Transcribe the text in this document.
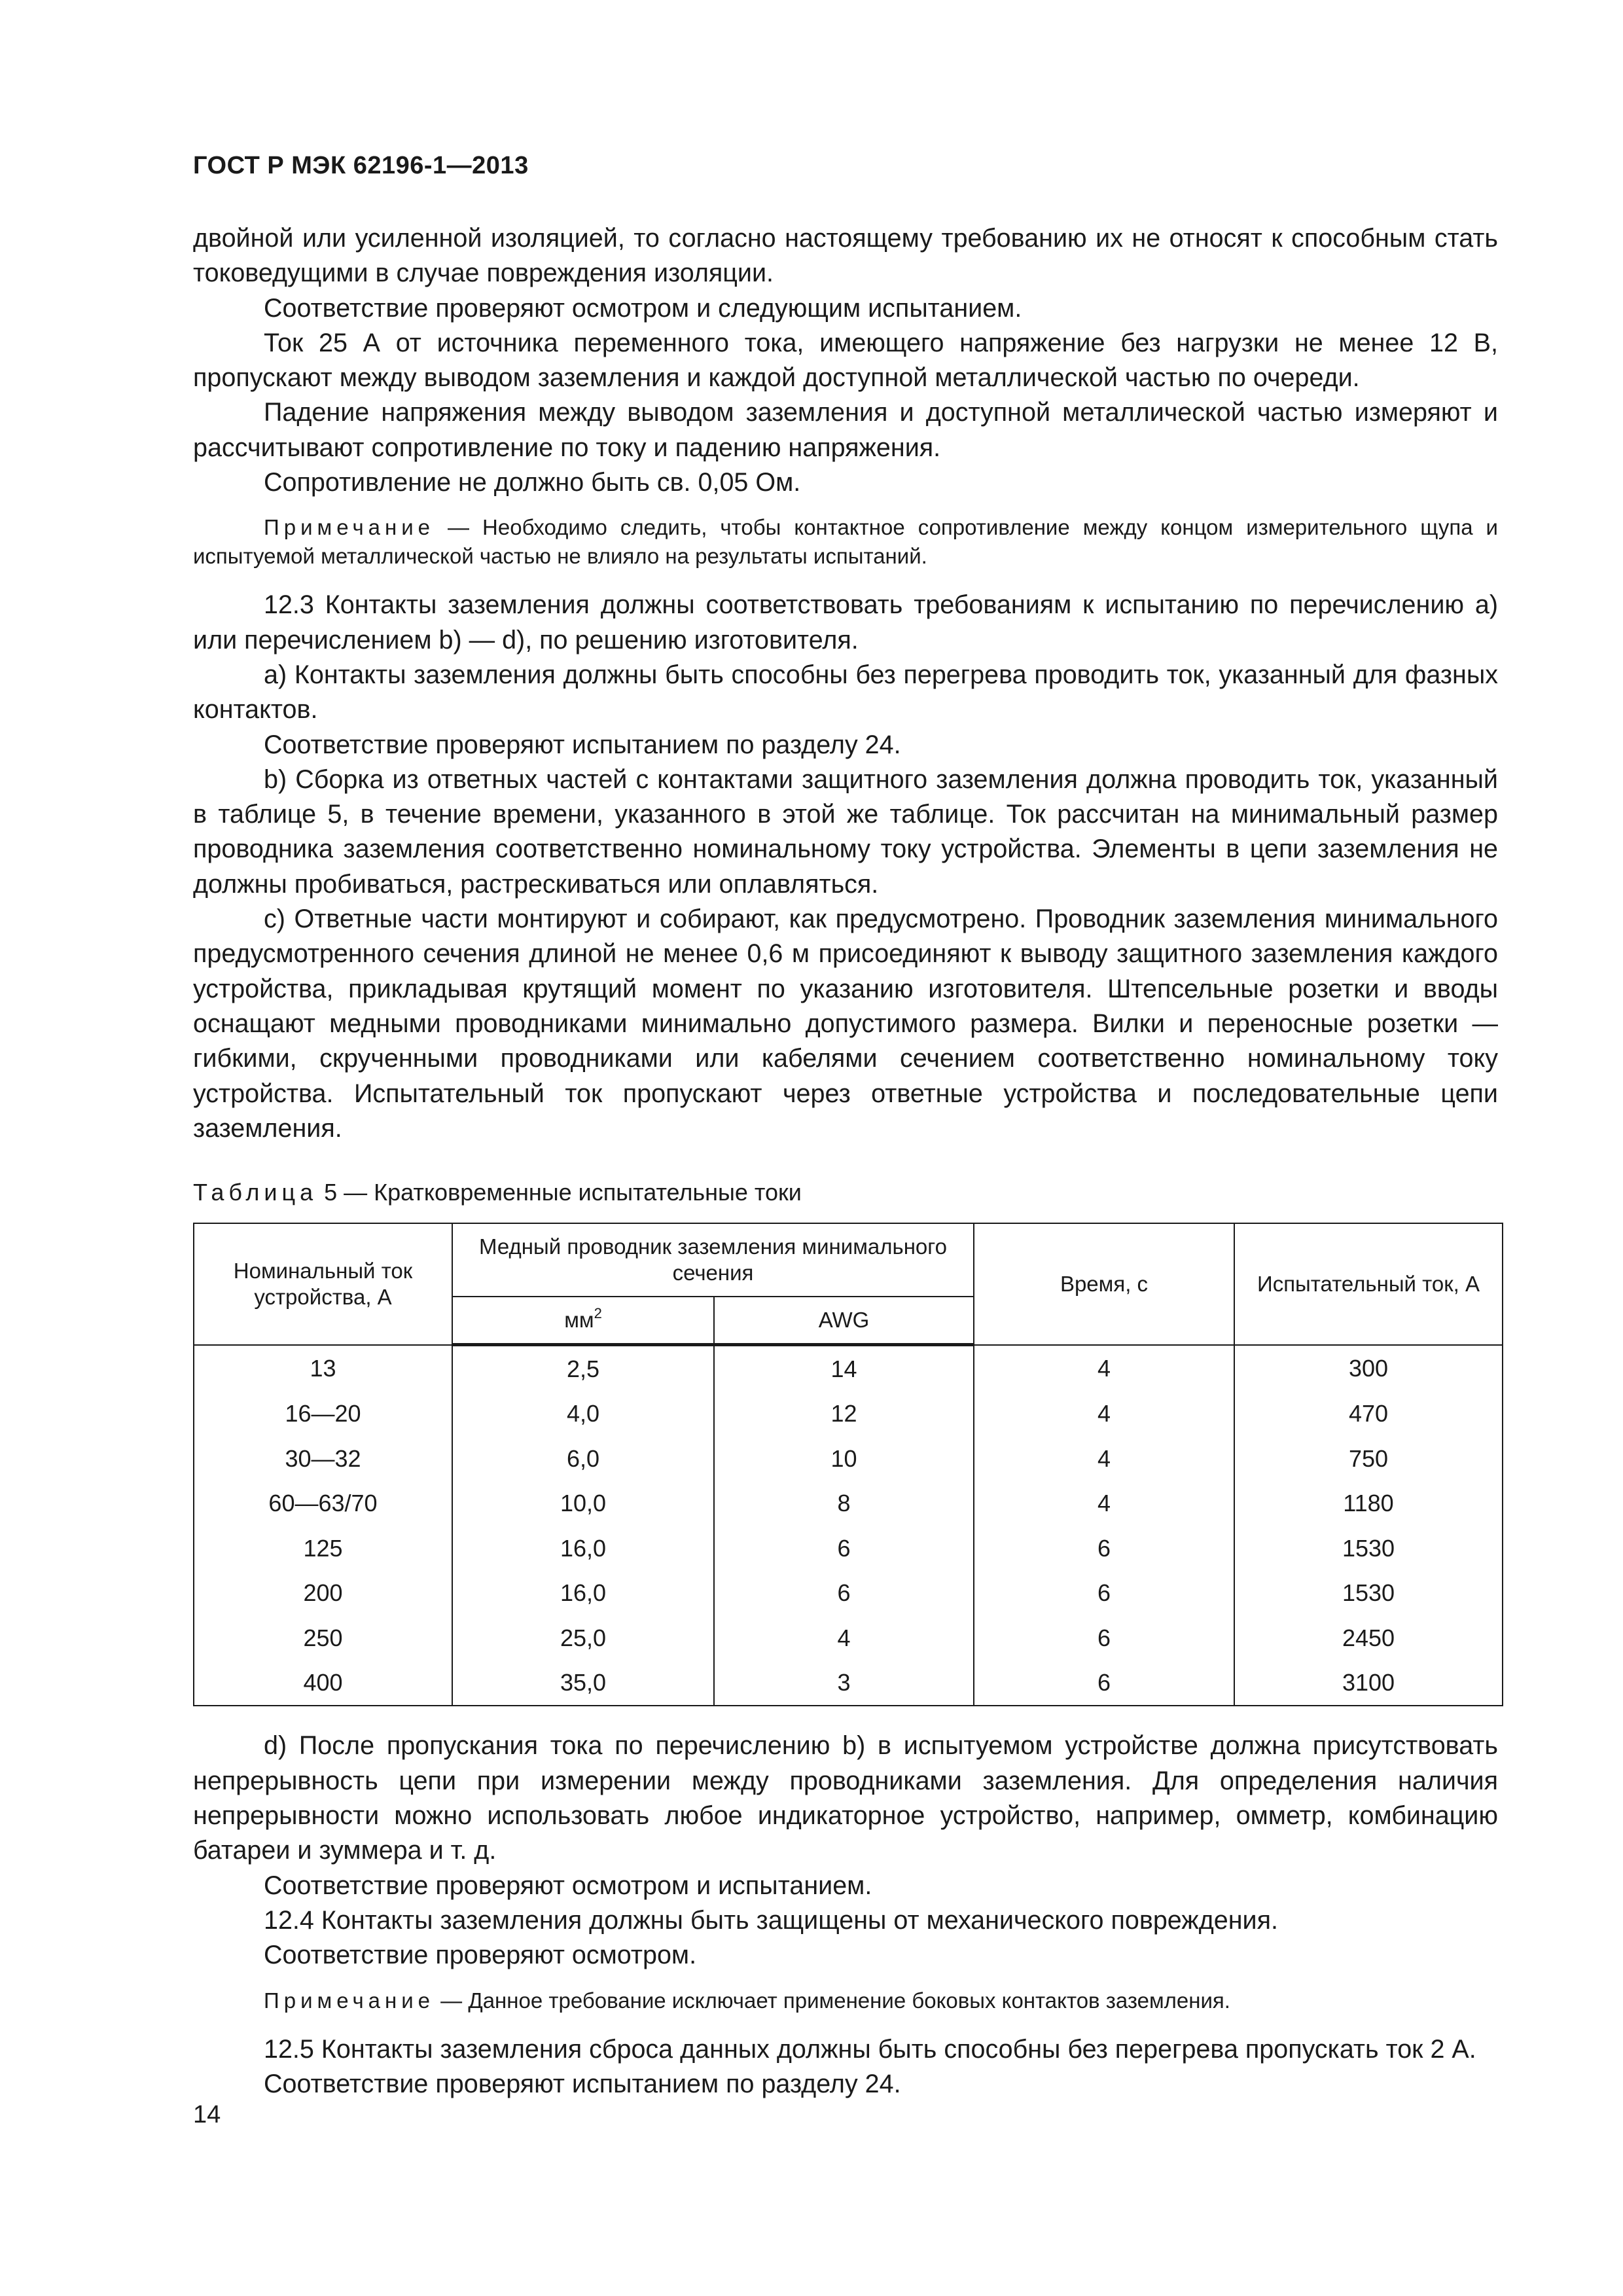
ГОСТ Р МЭК 62196-1—2013

двойной или усиленной изоляцией, то согласно настоящему требованию их не относят к способным стать токоведущими в случае повреждения изоляции.

Соответствие проверяют осмотром и следующим испытанием.

Ток 25 А от источника переменного тока, имеющего напряжение без нагрузки не менее 12 В, пропускают между выводом заземления и каждой доступной металлической частью по очереди.

Падение напряжения между выводом заземления и доступной металлической частью измеряют и рассчитывают сопротивление по току и падению напряжения.

Сопротивление не должно быть св. 0,05 Ом.

Примечание — Необходимо следить, чтобы контактное сопротивление между концом измерительного щупа и испытуемой металлической частью не влияло на результаты испытаний.

12.3 Контакты заземления должны соответствовать требованиям к испытанию по перечислению a) или перечислением b) — d), по решению изготовителя.

a) Контакты заземления должны быть способны без перегрева проводить ток, указанный для фазных контактов.

Соответствие проверяют испытанием по разделу 24.

b) Сборка из ответных частей с контактами защитного заземления должна проводить ток, указанный в таблице 5, в течение времени, указанного в этой же таблице. Ток рассчитан на минимальный размер проводника заземления соответственно номинальному току устройства. Элементы в цепи заземления не должны пробиваться, растрескиваться или оплавляться.

c) Ответные части монтируют и собирают, как предусмотрено. Проводник заземления минимального предусмотренного сечения длиной не менее 0,6 м присоединяют к выводу защитного заземления каждого устройства, прикладывая крутящий момент по указанию изготовителя. Штепсельные розетки и вводы оснащают медными проводниками минимально допустимого размера. Вилки и переносные розетки — гибкими, скрученными проводниками или кабелями сечением соответственно номинальному току устройства. Испытательный ток пропускают через ответные устройства и последовательные цепи заземления.

Таблица 5 — Кратковременные испытательные токи
Номинальный ток устройства, А	Медный проводник заземления минимального сечения		Время, с	Испытательный ток, А
	$мм^2$	AWG		
13	2,5	14	4	300
16—20	4,0	12	4	470
30—32	6,0	10	4	750
60—63/70	10,0	8	4	1180
125	16,0	6	6	1530
200	16,0	6	6	1530
250	25,0	4	6	2450
400	35,0	3	6	3100

d) После пропускания тока по перечислению b) в испытуемом устройстве должна присутствовать непрерывность цепи при измерении между проводниками заземления. Для определения наличия непрерывности можно использовать любое индикаторное устройство, например, омметр, комбинацию батареи и зуммера и т. д.

Соответствие проверяют осмотром и испытанием.

12.4 Контакты заземления должны быть защищены от механического повреждения.

Соответствие проверяют осмотром.

Примечание — Данное требование исключает применение боковых контактов заземления.

12.5 Контакты заземления сброса данных должны быть способны без перегрева пропускать ток 2 А.

Соответствие проверяют испытанием по разделу 24.

14
